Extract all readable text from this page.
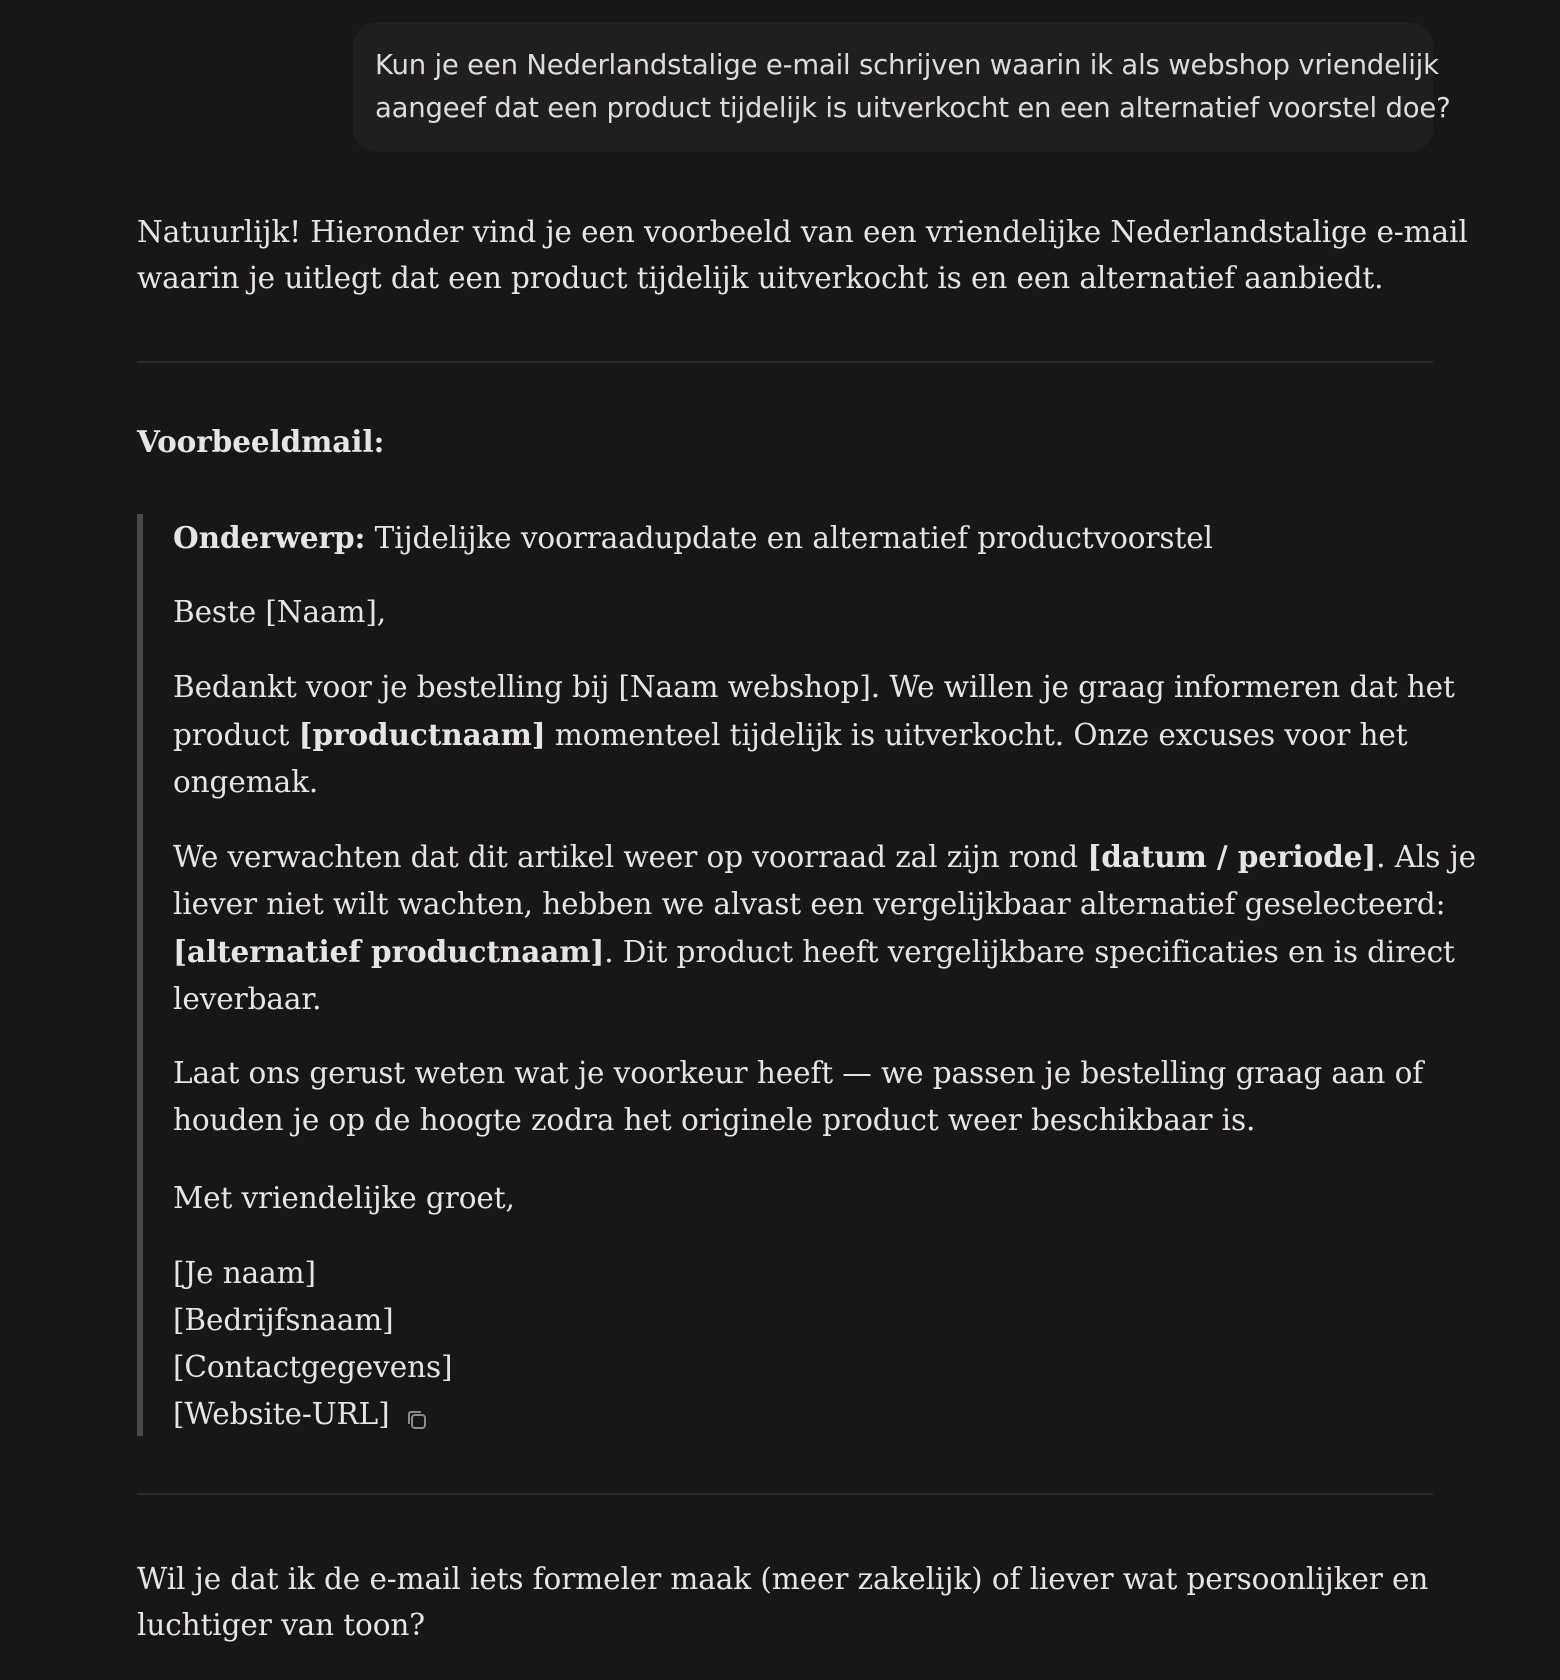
Kun je een Nederlandstalige e-mail schrijven waarin ik als webshop vriendelijk

aangeef dat een product tijdelijk is uitverkocht en een alternatief voorstel doe?

Natuurlijk! Hieronder vind je een voorbeeld van een vriendelijke Nederlandstalige e-mail
waarin je uitlegt dat een product tijdelijk uitverkocht is en een alternatief aanbiedt.

Voorbeeldmail:

Onderwerp: Tijdelijke voorraadupdate en alternatief productvoorstel

Beste [Naam],

Bedankt voor je bestelling bij [Naam webshop]. We willen je graag informeren dat het
product [productnaam] momenteel tijdelijk is uitverkocht. Onze excuses voor het
ongemak.

We verwachten dat dit artikel weer op voorraad zal zijn rond [datum / periode]. Als je
liever niet wilt wachten, hebben we alvast een vergelijkbaar alternatief geselecteerd:
[alternatief productnaam]. Dit product heeft vergelijkbare specificaties en is direct
leverbaar.

Laat ons gerust weten wat je voorkeur heeft — we passen je bestelling graag aan of
houden je op de hoogte zodra het originele product weer beschikbaar is.

Met vriendelijke groet,

[Je naam]
[Bedrijfsnaam]
[Contactgegevens]
[Website-URL]

Wil je dat ik de e-mail iets formeler maak (meer zakelijk) of liever wat persoonlijker en
luchtiger van toon?
